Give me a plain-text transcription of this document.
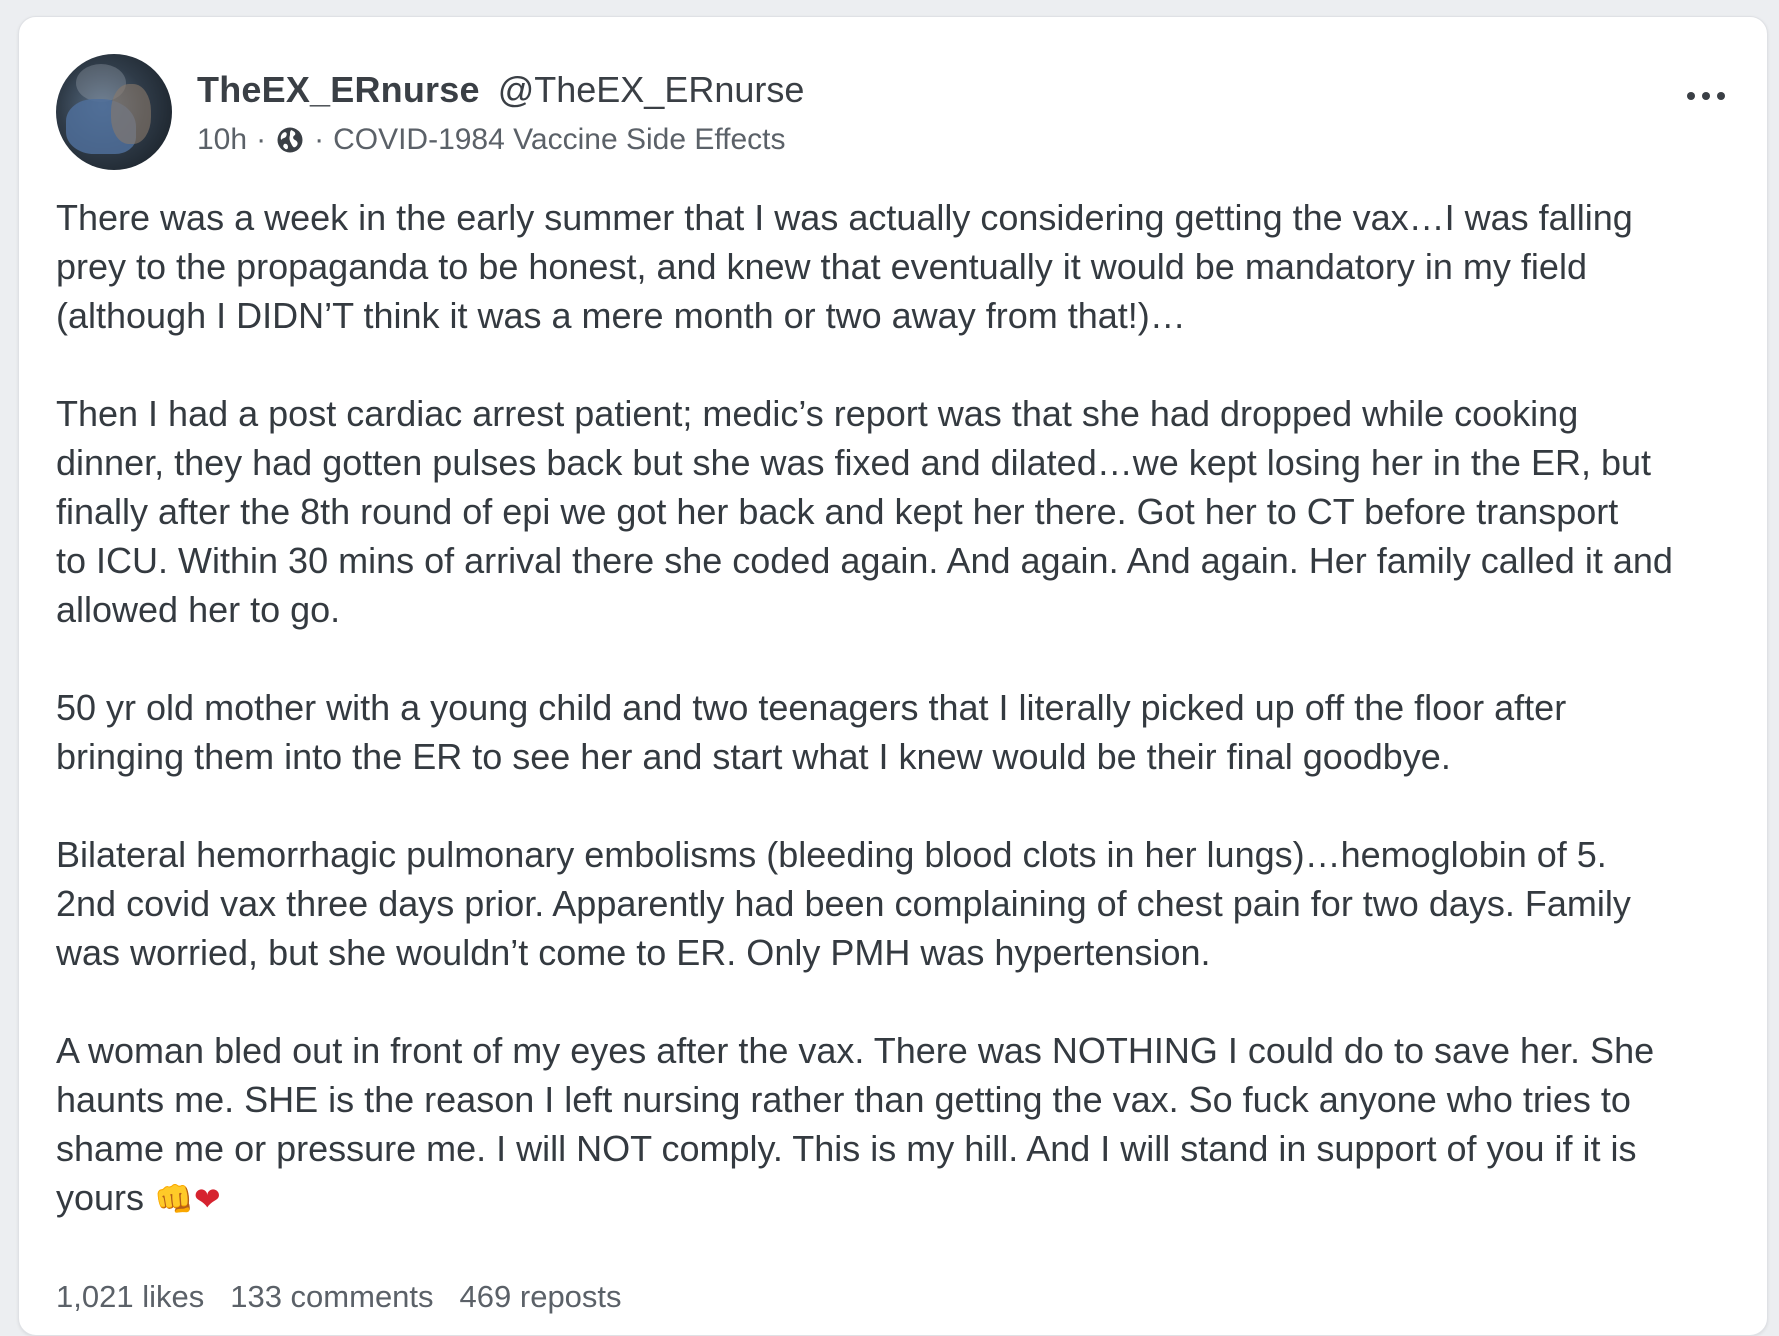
TheEX_ERnurse @TheEX_ERnurse
10h · · COVID-1984 Vaccine Side Effects

There was a week in the early summer that I was actually considering getting the vax…I was falling
prey to the propaganda to be honest, and knew that eventually it would be mandatory in my field
(although I DIDN’T think it was a mere month or two away from that!)…

Then I had a post cardiac arrest patient; medic’s report was that she had dropped while cooking
dinner, they had gotten pulses back but she was fixed and dilated…we kept losing her in the ER, but
finally after the 8th round of epi we got her back and kept her there. Got her to CT before transport
to ICU. Within 30 mins of arrival there she coded again. And again. And again. Her family called it and
allowed her to go.

50 yr old mother with a young child and two teenagers that I literally picked up off the floor after
bringing them into the ER to see her and start what I knew would be their final goodbye.

Bilateral hemorrhagic pulmonary embolisms (bleeding blood clots in her lungs)…hemoglobin of 5.
2nd covid vax three days prior. Apparently had been complaining of chest pain for two days. Family
was worried, but she wouldn’t come to ER. Only PMH was hypertension.

A woman bled out in front of my eyes after the vax. There was NOTHING I could do to save her. She
haunts me. SHE is the reason I left nursing rather than getting the vax. So fuck anyone who tries to
shame me or pressure me. I will NOT comply. This is my hill. And I will stand in support of you if it is
yours 👊❤

1,021 likes 133 comments 469 reposts
